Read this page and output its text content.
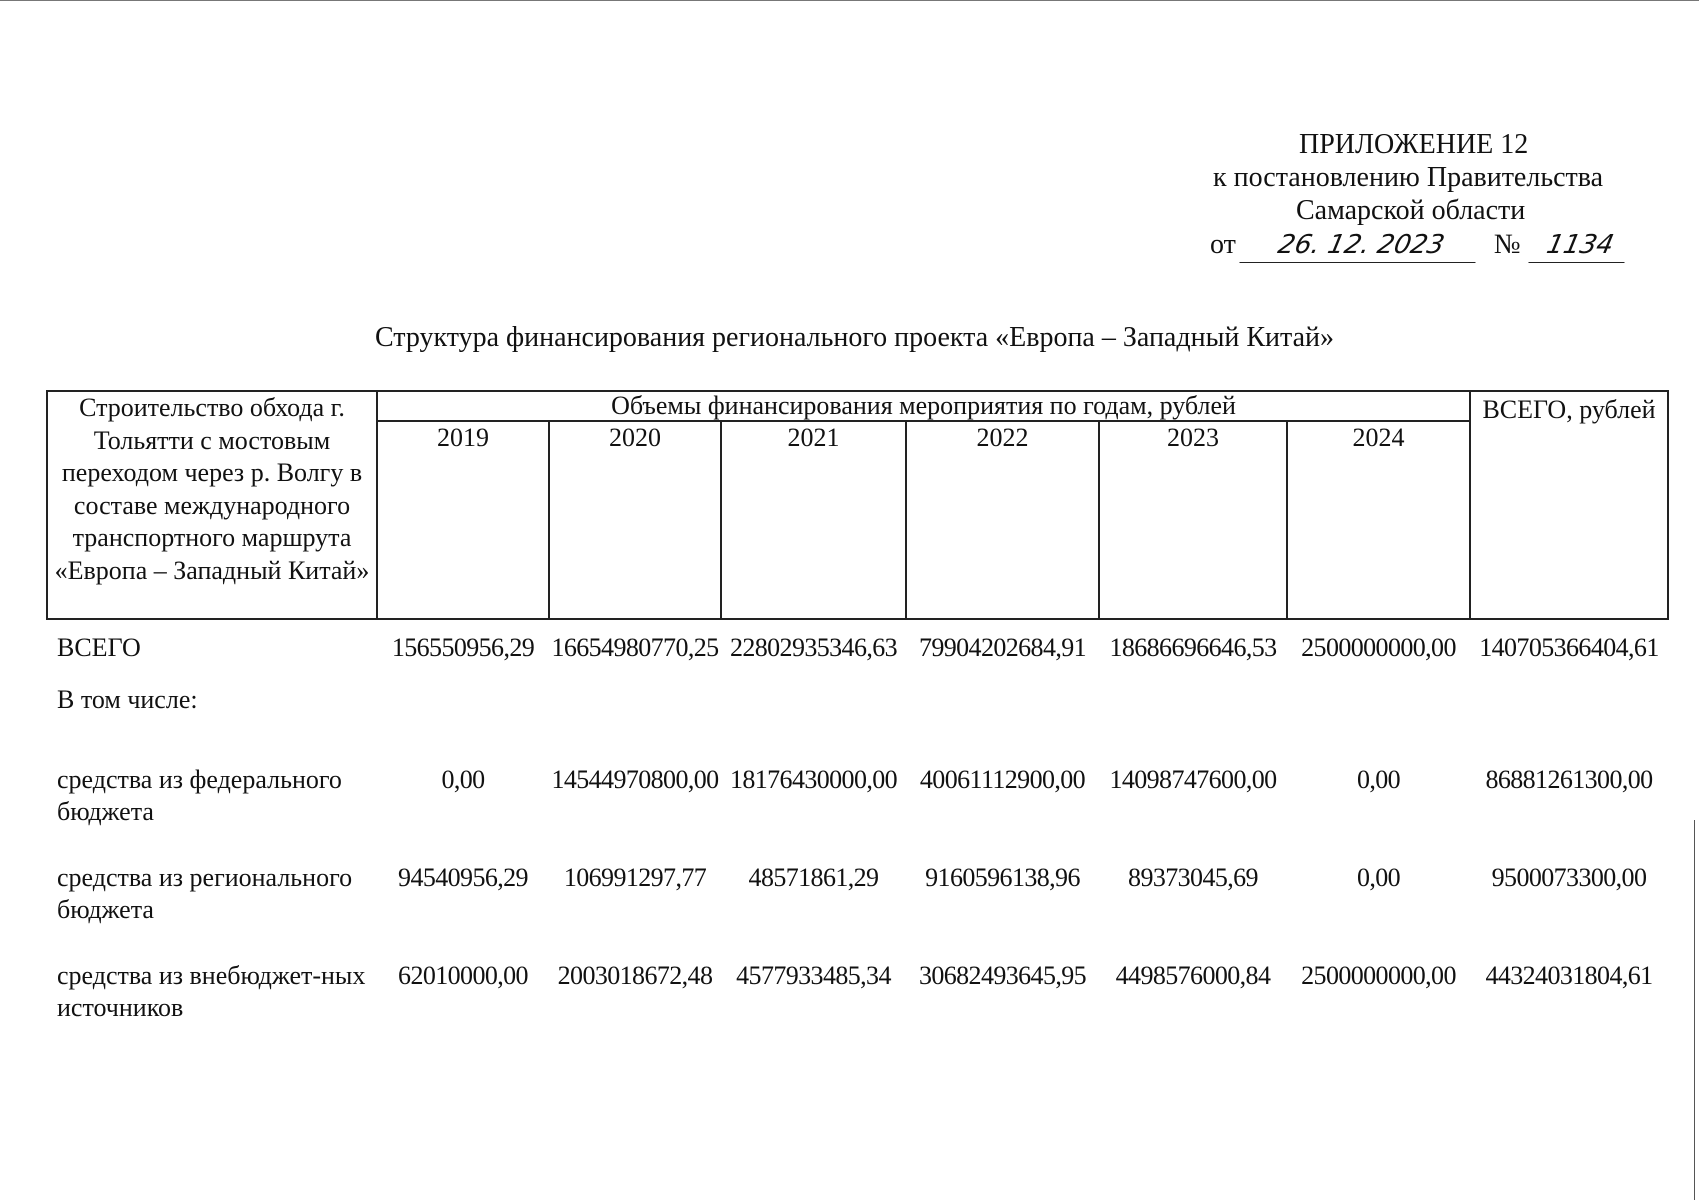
ПРИЛОЖЕНИЕ 12
к постановлению Правительства
Самарской области
от 26. 12. 2023 № 1134
Структура финансирования регионального проекта «Европа – Западный Китай»
Строительство обхода г. Тольятти с мостовым переходом через р. Волгу в составе международного транспортного маршрута «Европа – Западный Китай»	Объемы финансирования мероприятия по годам, рублей						ВСЕГО, рублей
	2019	2020	2021	2022	2023	2024	
ВСЕГО	156550956,29	16654980770,25	22802935346,63	79904202684,91	18686696646,53	2500000000,00	140705366404,61
В том числе:							
средства из федерального бюджета	0,00	14544970800,00	18176430000,00	40061112900,00	14098747600,00	0,00	86881261300,00
средства из регионального бюджета	94540956,29	106991297,77	48571861,29	9160596138,96	89373045,69	0,00	9500073300,00
средства из внебюджет-ных источников	62010000,00	2003018672,48	4577933485,34	30682493645,95	4498576000,84	2500000000,00	44324031804,61
